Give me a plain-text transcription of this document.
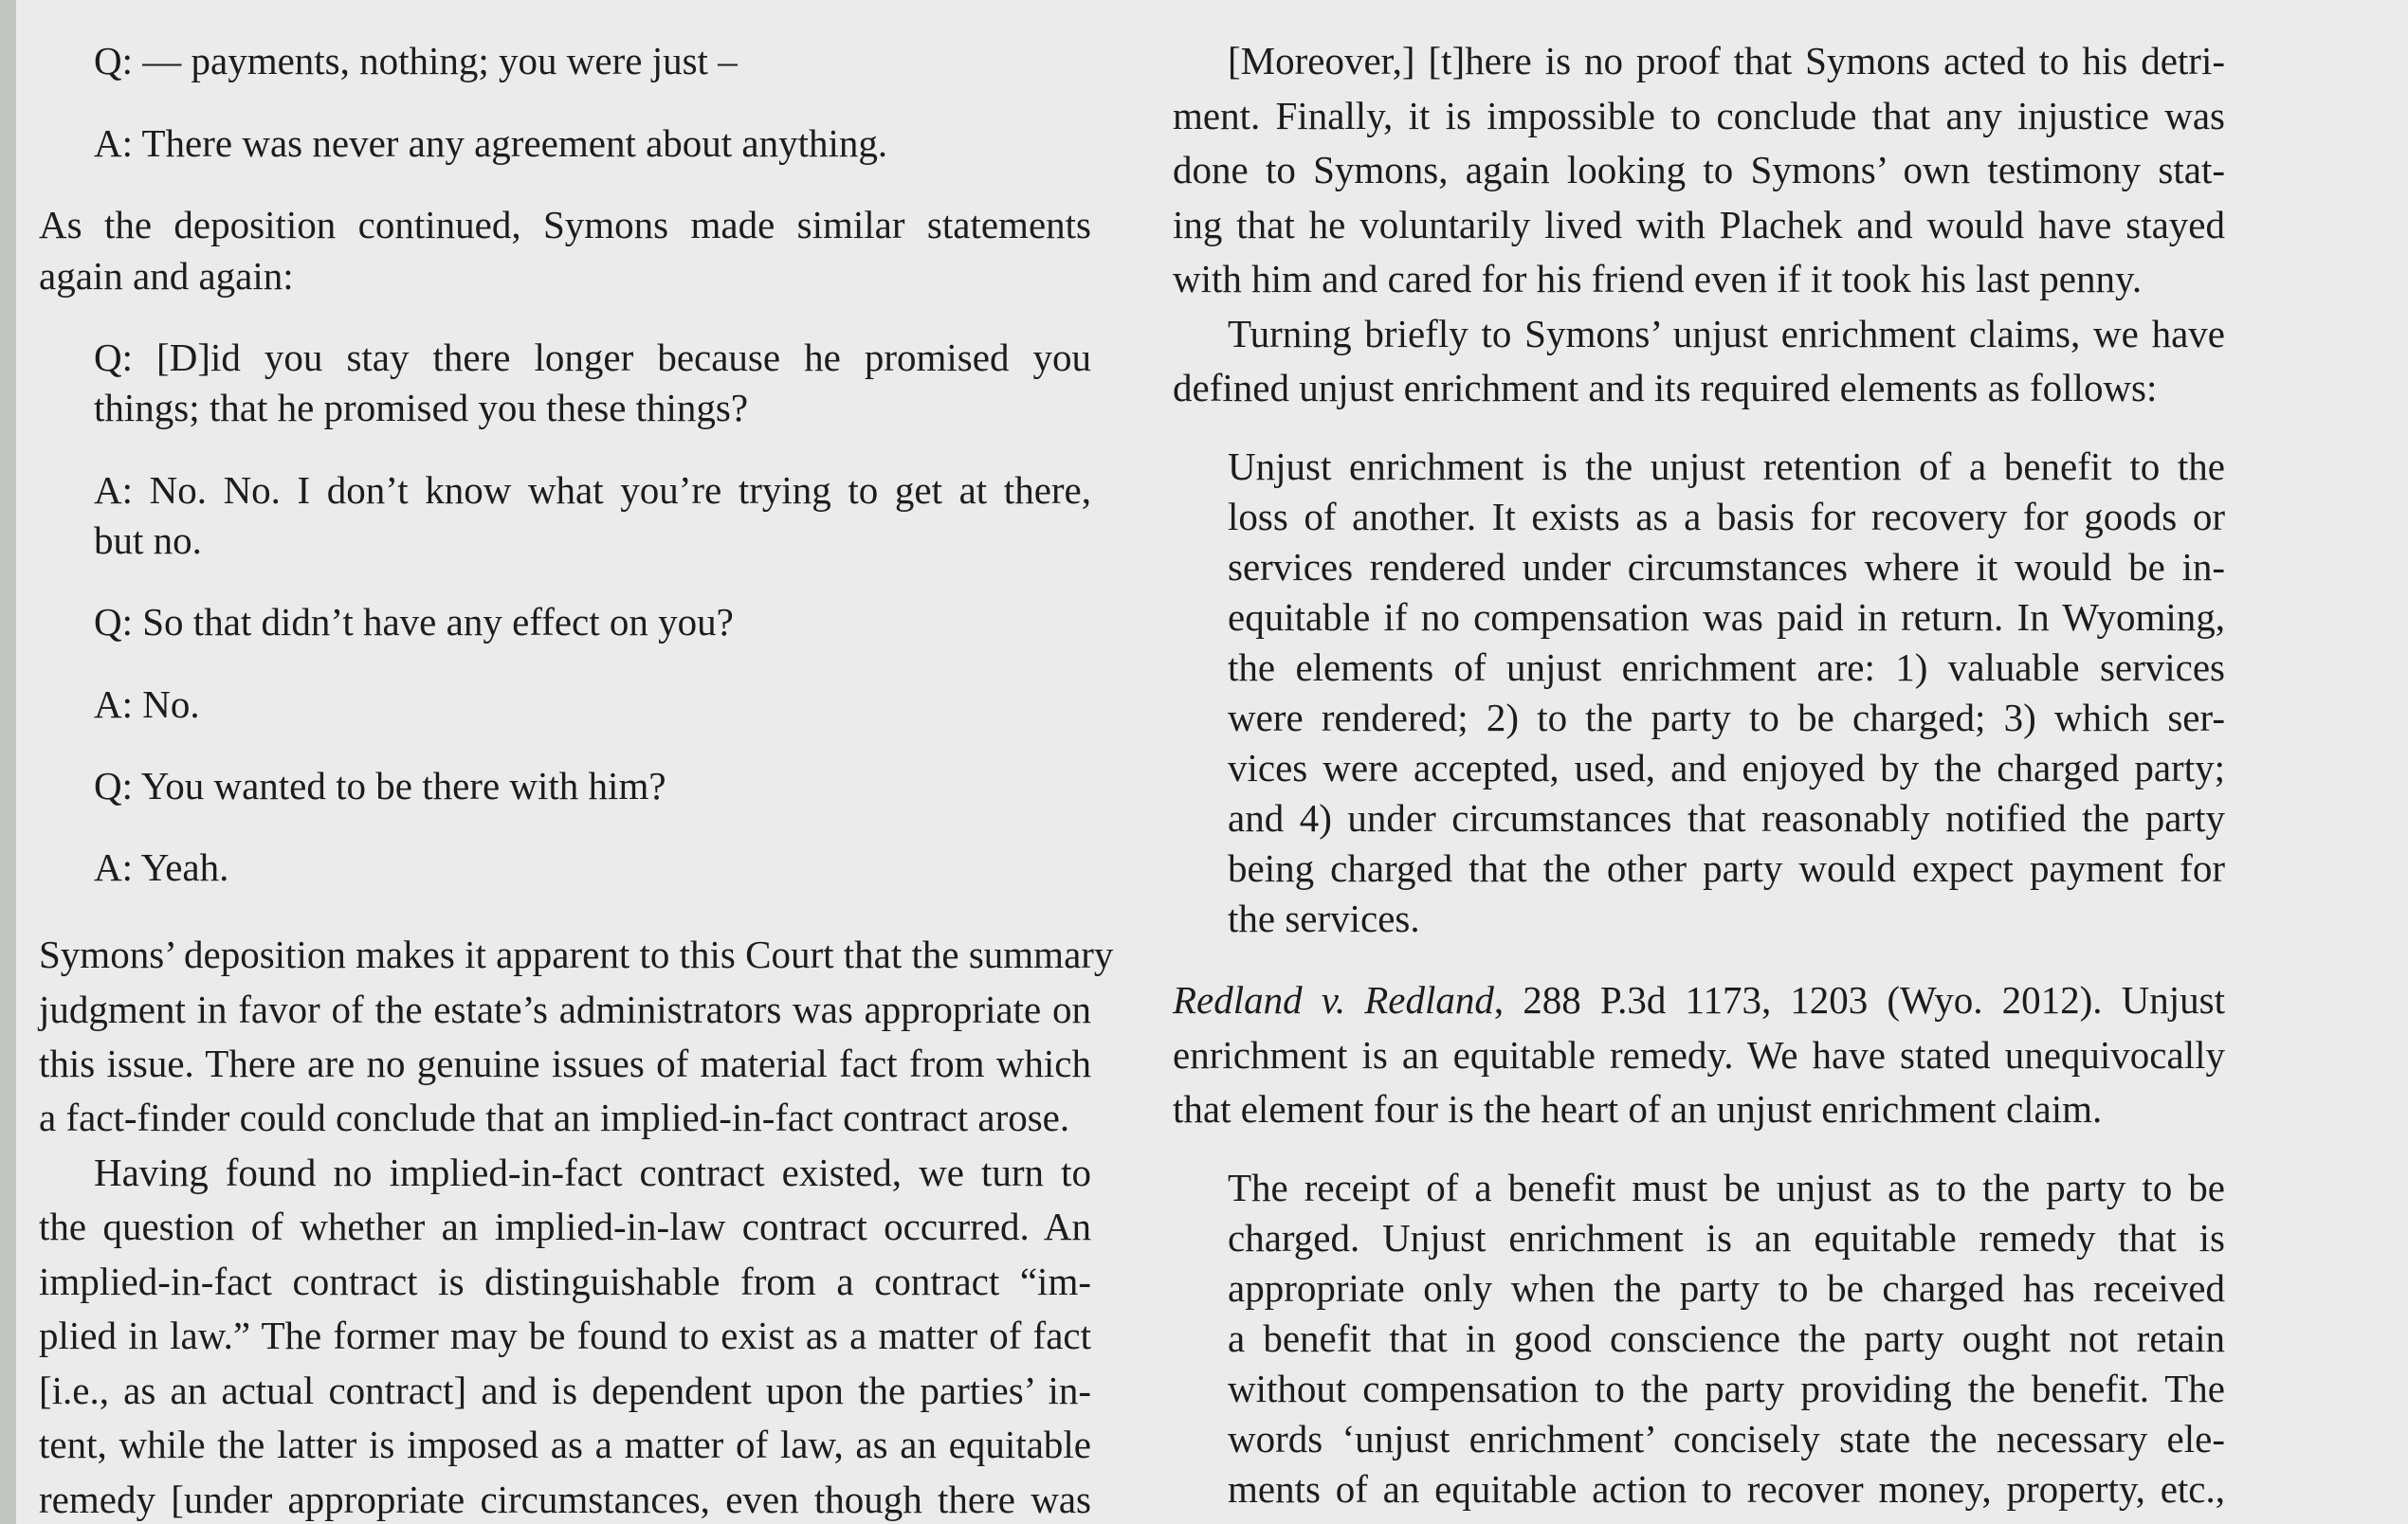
Q: — payments, nothing; you were just –
A: There was never any agreement about anything.
As the deposition continued, Symons made similar statements
again and again:
Q: [D]id you stay there longer because he promised you
things; that he promised you these things?
A: No. No. I don’t know what you’re trying to get at there,
but no.
Q: So that didn’t have any effect on you?
A: No.
Q: You wanted to be there with him?
A: Yeah.
Symons’ deposition makes it apparent to this Court that the summary
judgment in favor of the estate’s administrators was appropriate on
this issue. There are no genuine issues of material fact from which
a fact-finder could conclude that an implied-in-fact contract arose.
Having found no implied-in-fact contract existed, we turn to
the question of whether an implied-in-law contract occurred. An
implied-in-fact contract is distinguishable from a contract “im-
plied in law.” The former may be found to exist as a matter of fact
[i.e., as an actual contract] and is dependent upon the parties’ in-
tent, while the latter is imposed as a matter of law, as an equitable
remedy [under appropriate circumstances, even though there was
[Moreover,] [t]here is no proof that Symons acted to his detri-
ment. Finally, it is impossible to conclude that any injustice was
done to Symons, again looking to Symons’ own testimony stat-
ing that he voluntarily lived with Plachek and would have stayed
with him and cared for his friend even if it took his last penny.
Turning briefly to Symons’ unjust enrichment claims, we have
defined unjust enrichment and its required elements as follows:
Unjust enrichment is the unjust retention of a benefit to the
loss of another. It exists as a basis for recovery for goods or
services rendered under circumstances where it would be in-
equitable if no compensation was paid in return. In Wyoming,
the elements of unjust enrichment are: 1) valuable services
were rendered; 2) to the party to be charged; 3) which ser-
vices were accepted, used, and enjoyed by the charged party;
and 4) under circumstances that reasonably notified the party
being charged that the other party would expect payment for
the services.
Redland v. Redland, 288 P.3d 1173, 1203 (Wyo. 2012). Unjust
enrichment is an equitable remedy. We have stated unequivocally
that element four is the heart of an unjust enrichment claim.
The receipt of a benefit must be unjust as to the party to be
charged. Unjust enrichment is an equitable remedy that is
appropriate only when the party to be charged has received
a benefit that in good conscience the party ought not retain
without compensation to the party providing the benefit. The
words ‘unjust enrichment’ concisely state the necessary ele-
ments of an equitable action to recover money, property, etc.,
